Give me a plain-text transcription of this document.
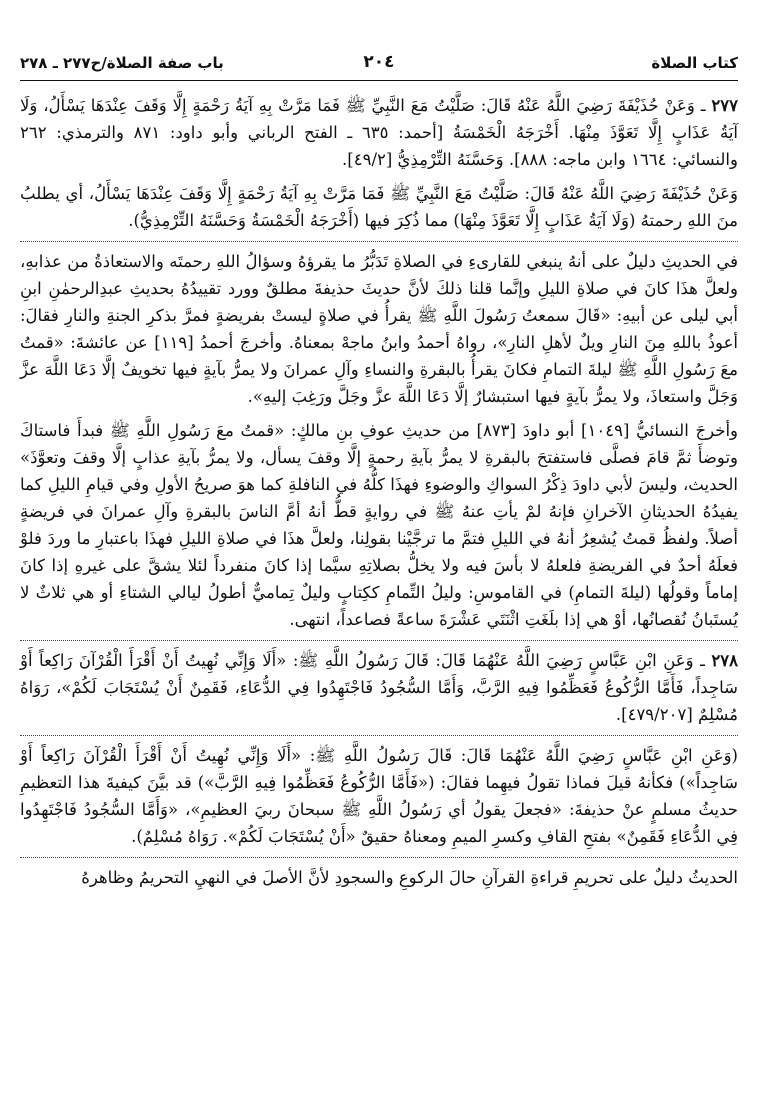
كتاب الصلاة
٢٠٤
باب صفة الصلاة/ح٢٧٧ ـ ٢٧٨

٢٧٧ ـ وَعَنْ حُذَيْفَةَ رَضِيَ اللَّهُ عَنْهُ قَالَ: صَلَّيْتُ مَعَ النَّبِيِّ ﷺ فَمَا مَرَّتْ بِهِ آيَةُ رَحْمَةٍ إِلَّا وَقَفَ عِنْدَهَا يَسْأَلُ، وَلَا آيَةُ عَذَابٍ إِلَّا تَعَوَّذَ مِنْهَا. أَخْرَجَهُ الْخَمْسَةُ [أحمد: ٦٣٥ ـ الفتح الرباني وأبو داود: ٨٧١ والترمذي: ٢٦٢ والنسائي: ١٦٦٤ وابن ماجه: ٨٨٨]. وَحَسَّنَهُ التِّرْمِذِيُّ [٤٩/٢].

وَعَنْ حُذَيْفَةَ رَضِيَ اللَّهُ عَنْهُ قَالَ: صَلَّيْتُ مَعَ النَّبِيِّ ﷺ فَمَا مَرَّتْ بِهِ آيَةُ رَحْمَةٍ إِلَّا وَقَفَ عِنْدَهَا يَسْأَلُ، أي يطلبُ منَ اللهِ رحمتهُ (وَلَا آيَةُ عَذَابٍ إِلَّا تَعَوَّذَ مِنْهَا) مما ذُكِرَ فيها (أَخْرَجَهُ الْخَمْسَةُ وَحَسَّنَهُ التِّرْمِذِيُّ).

في الحديثِ دليلٌ على أنهُ ينبغي للقارىءِ في الصلاةِ تَدَبُّرُ ما يقرؤهُ وسؤالُ اللهِ رحمتَه والاستعاذةُ من عذابهِ، ولعلَّ هذَا كانَ في صلاةِ الليلِ وإنَّما قلنا ذلكَ لأنَّ حديثَ حذيفةَ مطلقٌ وورد تقييدُهُ بحديثِ عبدِالرحمٰنِ ابنِ أبي ليلى عن أبيهِ: «قَالَ سمعتُ رَسُولَ اللَّهِ ﷺ يقرأُ في صلاةٍ ليستْ بفريضةٍ فمرَّ بذكرِ الجنةِ والنارِ فقالَ: أعوذُ باللهِ مِنَ النارِ ويلٌ لأهلِ النارِ»، رواهُ أحمدُ وابنُ ماجهْ بمعناهُ. وأخرجَ أحمدُ [١١٩] عن عائشةَ: «قمتُ معَ رَسُولِ اللَّهِ ﷺ ليلةَ التمامِ فكانَ يقرأُ بالبقرةِ والنساءِ وآلِ عمرانَ ولا يمرُّ بآيةٍ فيها تخويفٌ إلَّا دَعَا اللَّهَ عزَّ وَجَلَّ واستعاذَ، ولا يمرُّ بآيةٍ فيها استبشارٌ إلَّا دَعَا اللَّهَ عزَّ وجَلَّ ورَغِبَ إليهِ».

وأخرجَ النسائيُّ [١٠٤٩] أبو داودَ [٨٧٣] من حديثِ عوفِ بنِ مالكٍ: «قمتُ معَ رَسُولِ اللَّهِ ﷺ فبدأَ فاستاكَ وتوضأَ ثمَّ قامَ فصلَّى فاستفتحَ بالبقرةِ لا يمرُّ بآيةِ رحمةٍ إلَّا وقفَ يسأل، ولا يمرُّ بآيةِ عذابٍ إلَّا وقفَ وتعوَّذَ» الحديث، وليسَ لأبي داودَ ذِكْرُ السواكِ والوضوءِ فهذَا كلُّهُ في النافلةِ كما هوَ صريحُ الأولِ وفي قيامِ الليلِ كما يفيدُهُ الحديثانِ الآخرانِ فإنهُ لمْ يأتِ عنهُ ﷺ في روايةٍ قطُّ أنهُ أمَّ الناسَ بالبقرةِ وآلِ عمرانَ في فريضةٍ أصلاً. ولفظُ قمتُ يُشعِرُ أنهُ في الليلِ فتمَّ ما ترجَّيْنا بقولِنا، ولعلَّ هذَا في صلاةِ الليلِ فهذَا باعتبارِ ما وردَ فلوْ فعلَهُ أحدٌ في الفريضةِ فلعلهُ لا بأسَ فيه ولا يخلُّ بصلاتِهِ سيَّما إذا كانَ منفرداً لئلا يشقَّ على غيرهِ إذا كانَ إماماً وقولُها (ليلةَ التمامِ) في القاموسِ: وليلُ التِّمامِ ككِتابٍ وليلٌ تِماميٌّ أطولُ ليالي الشتاءِ أو هي ثلاثٌ لا يُستَبانُ نُقصانُها، أوْ هي إذا بلَغَتِ اثْنَتَي عَشْرَةَ ساعةً فصاعداً، انتهى.

٢٧٨ ـ وَعَنِ ابْنِ عَبَّاسٍ رَضِيَ اللَّهُ عَنْهُمَا قَالَ: قَالَ رَسُولُ اللَّهِ ﷺ: «أَلَا وَإِنِّي نُهِيتُ أَنْ أَقْرَأَ الْقُرْآنَ رَاكِعاً أَوْ سَاجِداً، فَأَمَّا الرُّكُوعُ فَعَظِّمُوا فِيهِ الرَّبَّ، وَأَمَّا السُّجُودُ فَاجْتَهِدُوا فِي الدُّعَاءِ، فَقَمِنٌ أَنْ يُسْتَجَابَ لَكُمْ»، رَوَاهُ مُسْلِمٌ [٤٧٩/٢٠٧].

(وَعَنِ ابْنِ عَبَّاسٍ رَضِيَ اللَّهُ عَنْهُمَا قَالَ: قَالَ رَسُولُ اللَّهِ ﷺ: «أَلَا وَإِنِّي نُهِيتُ أَنْ أَقْرَأَ الْقُرْآنَ رَاكِعاً أَوْ سَاجِداً») فكأنهُ قيلَ فماذا تقولُ فيهِما فقالَ: («فَأَمَّا الرُّكُوعُ فَعَظِّمُوا فِيهِ الرَّبَّ») قد بيَّنَ كيفيةَ هذا التعظيمِ حديثُ مسلمٍ عنْ حذيفةَ: «فجعلَ يقولُ أي رَسُولُ اللَّهِ ﷺ سبحانَ ربيَ العظيمِ»، «وَأَمَّا السُّجُودُ فَاجْتَهِدُوا فِي الدُّعَاءِ فَقَمِنٌ» بفتحِ القافِ وكسرِ الميمِ ومعناهُ حقيقٌ «أَنْ يُسْتَجَابَ لَكُمْ». رَوَاهُ مُسْلِمٌ).

الحديثُ دليلٌ على تحريمِ قراءةِ القرآنِ حالَ الركوعِ والسجودِ لأنَّ الأصلَ في النهيِ التحريمُ وظاهرهُ
